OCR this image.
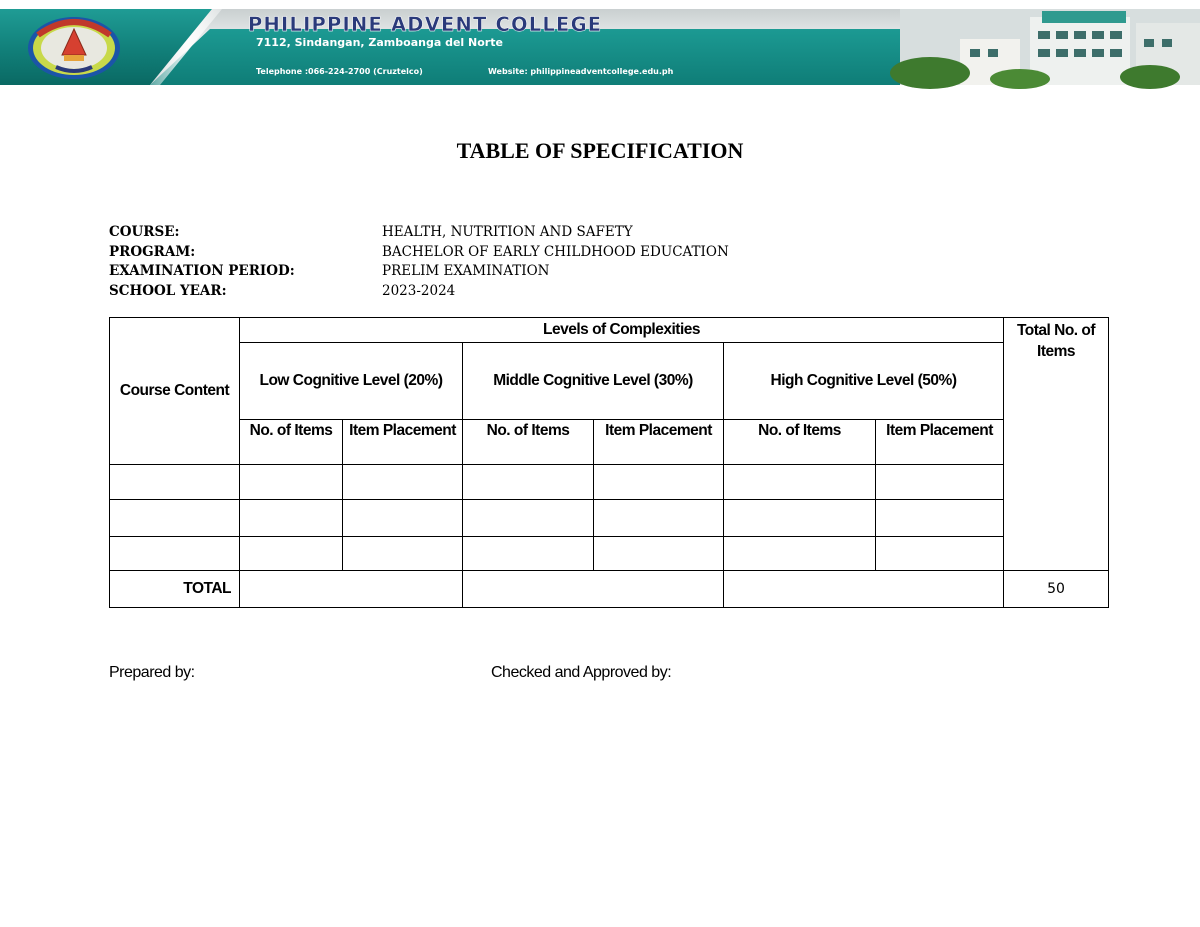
PHILIPPINE ADVENT COLLEGE
7112, Sindangan, Zamboanga del Norte

Telephone :066-224-2700 (Cruztelco)

:066-908-4957 (PLDT)

Fax No.      :066-224-2030

Website: philippineadventcollege.edu.ph

Email Add: philippineadventcollege@gmail.com

TABLE OF SPECIFICATION
COURSE:	HEALTH, NUTRITION AND SAFETY
PROGRAM:	BACHELOR OF EARLY CHILDHOOD EDUCATION
EXAMINATION PERIOD:	PRELIM EXAMINATION
SCHOOL YEAR:	2023-2024
Course Content	Levels of Complexities						Total No. of Items
	Low Cognitive Level (20%)		Middle Cognitive Level (30%)		High Cognitive Level (50%)		
	No. of Items	Item Placement	No. of Items	Item Placement	No. of Items	Item Placement	

TOTAL							50
Prepared by:	Checked and Approved by:
